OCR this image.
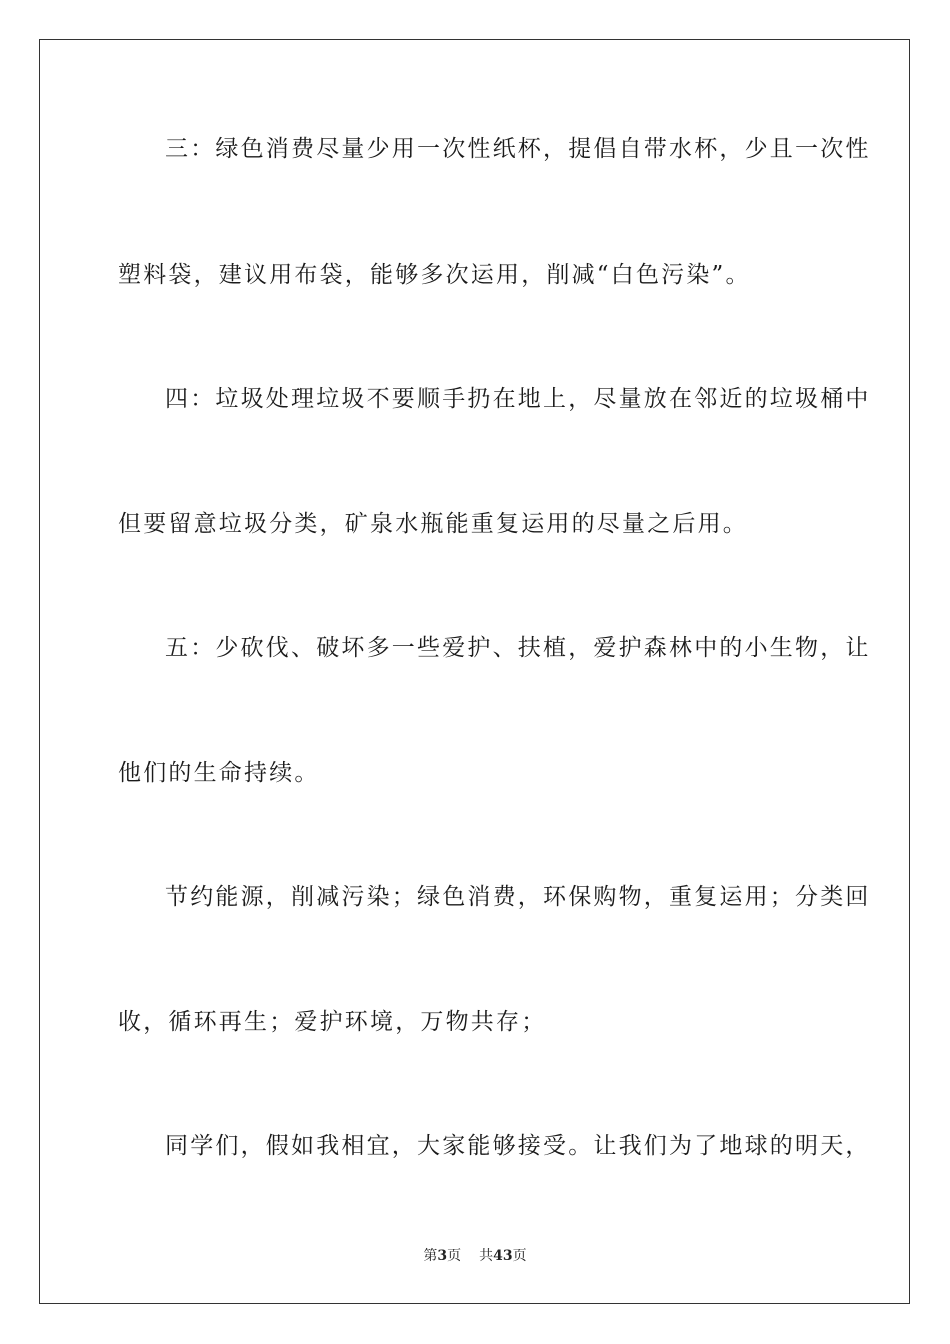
三：绿色消费尽量少用一次性纸杯，提倡自带水杯，少且一次性
塑料袋，建议用布袋，能够多次运用，削减“白色污染”。
四：垃圾处理垃圾不要顺手扔在地上，尽量放在邻近的垃圾桶中
但要留意垃圾分类，矿泉水瓶能重复运用的尽量之后用。
五：少砍伐、破坏多一些爱护、扶植，爱护森林中的小生物，让
他们的生命持续。
节约能源，削减污染；绿色消费，环保购物，重复运用；分类回
收，循环再生；爱护环境，万物共存；
同学们，假如我相宜，大家能够接受。让我们为了地球的明天，
第3页 共43页
